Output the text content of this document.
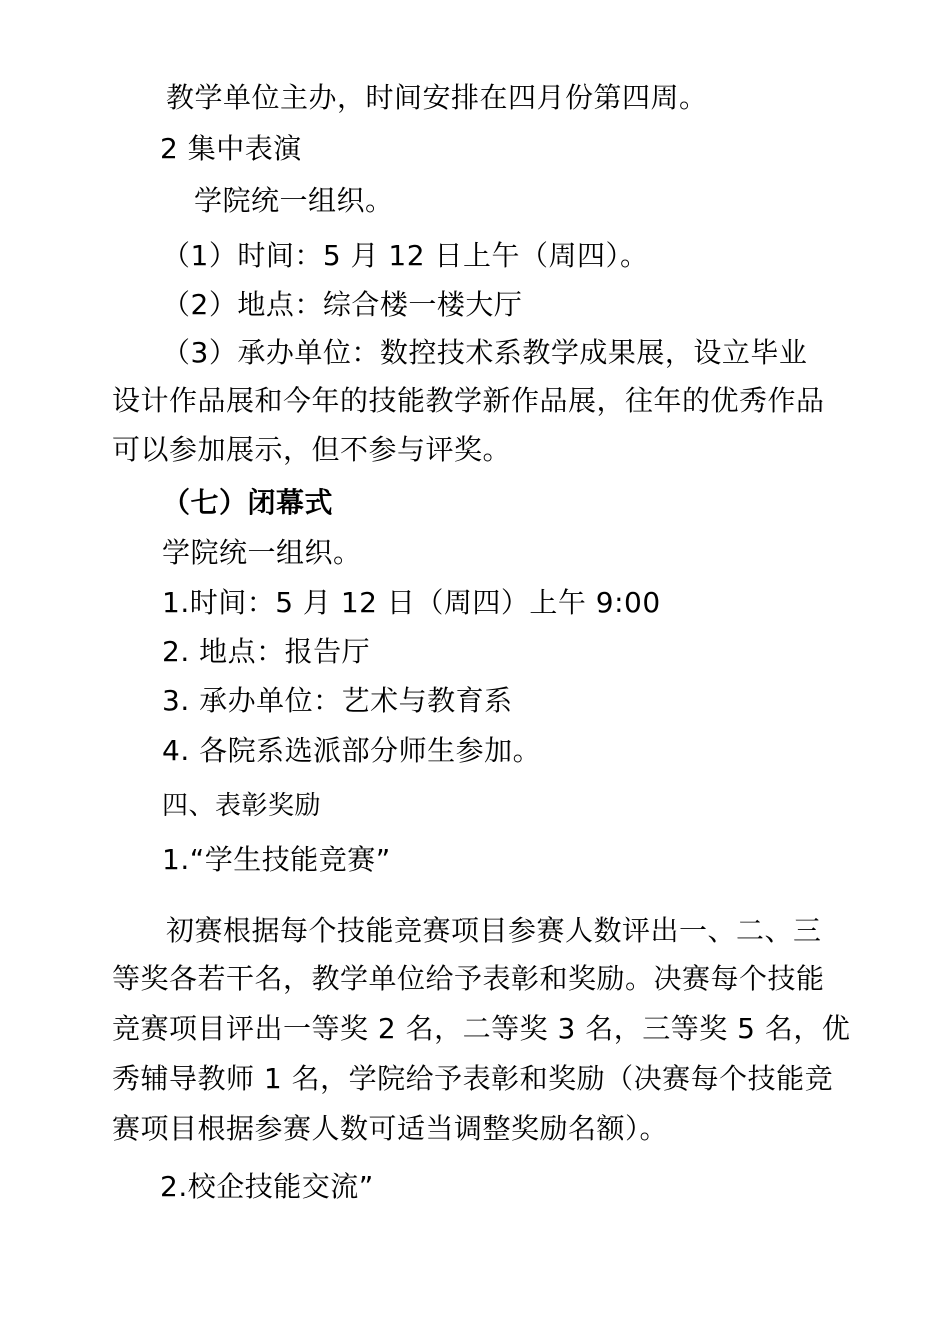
教学单位主办，时间安排在四月份第四周。
2 集中表演
学院统一组织。
（1）时间：5 月 12 日上午（周四）。
（2）地点：综合楼一楼大厅
（3）承办单位：数控技术系教学成果展，设立毕业
设计作品展和今年的技能教学新作品展，往年的优秀作品
可以参加展示，但不参与评奖。
（七）闭幕式
学院统一组织。
1.时间：5 月 12 日（周四）上午 9:00
2. 地点：报告厅
3. 承办单位：艺术与教育系
4. 各院系选派部分师生参加。
四、表彰奖励
1.“学生技能竞赛”
初赛根据每个技能竞赛项目参赛人数评出一、二、三
等奖各若干名，教学单位给予表彰和奖励。决赛每个技能
竞赛项目评出一等奖 2 名，二等奖 3 名，三等奖 5 名，优
秀辅导教师 1 名，学院给予表彰和奖励（决赛每个技能竞
赛项目根据参赛人数可适当调整奖励名额）。
2.校企技能交流”
